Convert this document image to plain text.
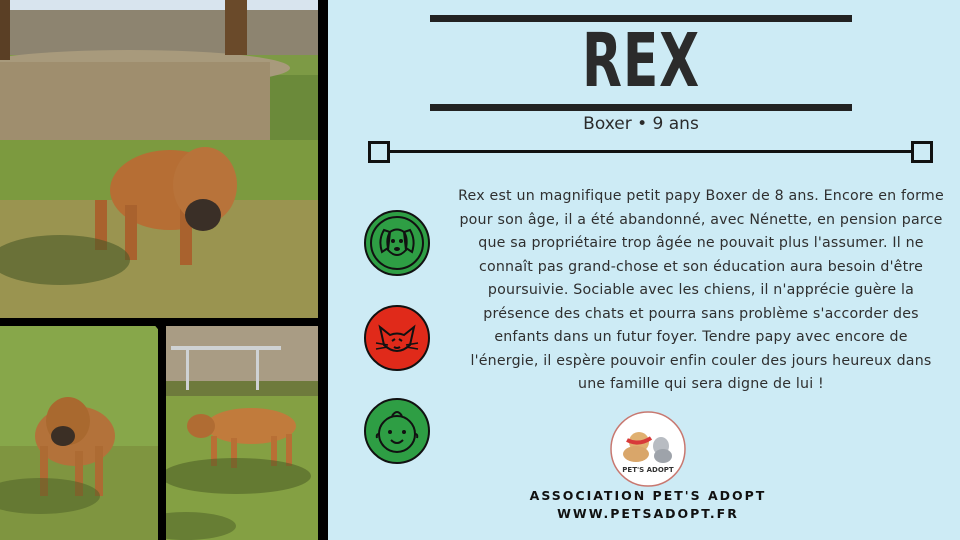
REX
Boxer • 9 ans
Rex est un magnifique petit papy Boxer de 8 ans. Encore en forme pour son âge, il a été abandonné, avec Nénette, en pension parce que sa propriétaire trop âgée ne pouvait plus l'assumer. Il ne connaît pas grand-chose et son éducation aura besoin d'être poursuivie. Sociable avec les chiens, il n'apprécie guère la présence des chats et pourra sans problème s'accorder des enfants dans un futur foyer. Tendre papy avec encore de l'énergie, il espère pouvoir enfin couler des jours heureux dans une famille qui sera digne de lui !
PET'S ADOPT
ASSOCIATION PET'S ADOPT
WWW.PETSADOPT.FR
